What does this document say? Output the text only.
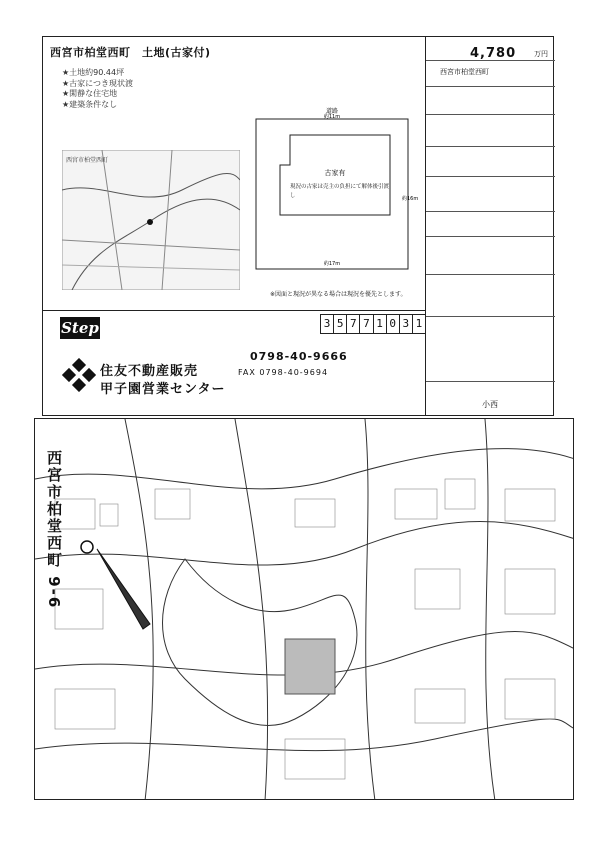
西宮市柏堂西町　土地(古家付)
★土地約90.44坪
★古家につき現状渡
★閑静な住宅地
★建築条件なし
西宮市柏堂西町
道路
約11m
古家有
約17m
約16m
現況の古家は売主の負担にて解体後引渡し
4,780	万円
西宮市柏堂西町
※図面と現況が異なる場合は現況を優先とします。
Step	3 5 7 7 1 0 3 1
住友不動産販売
甲子園営業センター
0798-40-9666
FAX 0798-40-9694
小西
西宮市柏堂西町 9-6
